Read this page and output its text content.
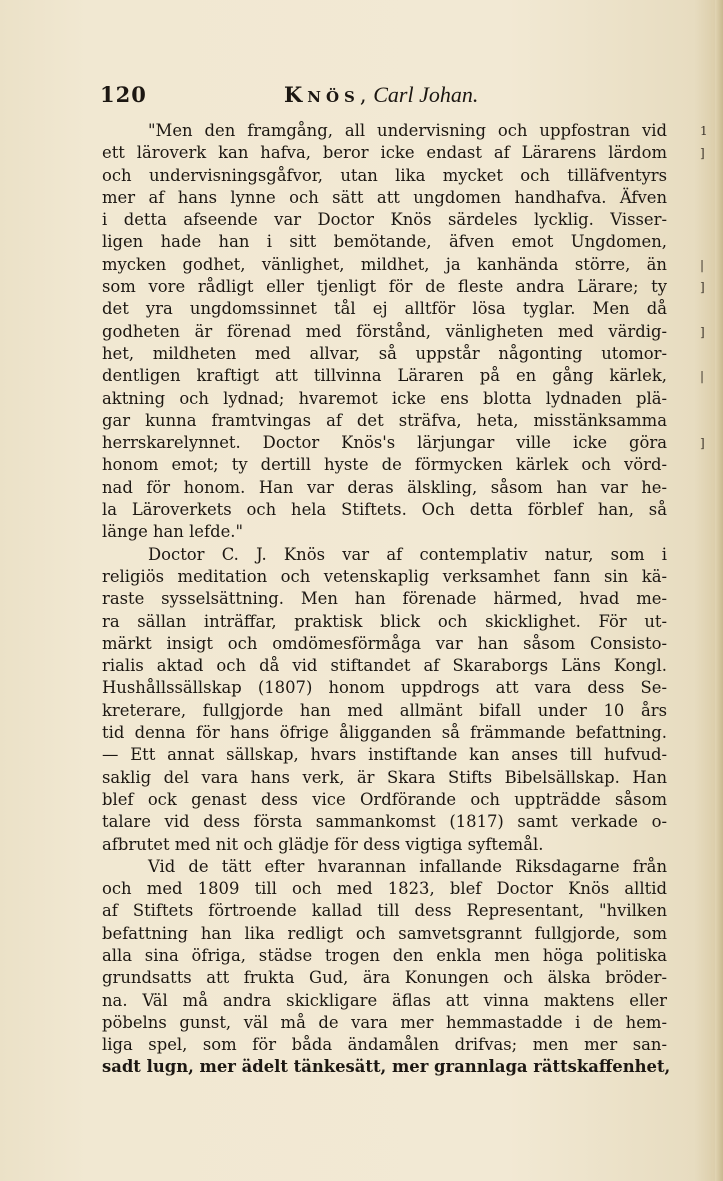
120	Knös, Carl Johan.
"Men den framgång, all undervisning och uppfostran vid
ett läroverk kan hafva, beror icke endast af Lärarens lärdom
och undervisningsgåfvor, utan lika mycket och tilläfventyrs
mer af hans lynne och sätt att ungdomen handhafva. Äfven
i detta afseende var Doctor Knös särdeles lycklig. Visser-
ligen hade han i sitt bemötande, äfven emot Ungdomen,
mycken godhet, vänlighet, mildhet, ja kanhända större, än
som vore rådligt eller tjenligt för de fleste andra Lärare; ty
det yra ungdomssinnet tål ej alltför lösa tyglar. Men då
godheten är förenad med förstånd, vänligheten med värdig-
het, mildheten med allvar, så uppstår någonting utomor-
dentligen kraftigt att tillvinna Läraren på en gång kärlek,
aktning och lydnad; hvaremot icke ens blotta lydnaden plä-
gar kunna framtvingas af det sträfva, heta, misstänksamma
herrskarelynnet. Doctor Knös's lärjungar ville icke göra
honom emot; ty dertill hyste de förmycken kärlek och vörd-
nad för honom. Han var deras älskling, såsom han var he-
la Läroverkets och hela Stiftets. Och detta förblef han, så
länge han lefde."
Doctor C. J. Knös var af contemplativ natur, som i
religiös meditation och vetenskaplig verksamhet fann sin kä-
raste sysselsättning. Men han förenade härmed, hvad me-
ra sällan inträffar, praktisk blick och skicklighet. För ut-
märkt insigt och omdömesförmåga var han såsom Consisto-
rialis aktad och då vid stiftandet af Skaraborgs Läns Kongl.
Hushållssällskap (1807) honom uppdrogs att vara dess Se-
kreterare, fullgjorde han med allmänt bifall under 10 års
tid denna för hans öfrige åligganden så främmande befattning.
— Ett annat sällskap, hvars instiftande kan anses till hufvud-
saklig del vara hans verk, är Skara Stifts Bibelsällskap. Han
blef ock genast dess vice Ordförande och uppträdde såsom
talare vid dess första sammankomst (1817) samt verkade o-
afbrutet med nit och glädje för dess vigtiga syftemål.
Vid de tätt efter hvarannan infallande Riksdagarne från
och med 1809 till och med 1823, blef Doctor Knös alltid
af Stiftets förtroende kallad till dess Representant, "hvilken
befattning han lika redligt och samvetsgrannt fullgjorde, som
alla sina öfriga, städse trogen den enkla men höga politiska
grundsatts att frukta Gud, ära Konungen och älska bröder-
na. Väl må andra skickligare äflas att vinna maktens eller
pöbelns gunst, väl må de vara mer hemmastadde i de hem-
liga spel, som för båda ändamålen drifvas; men mer san-
sadt lugn, mer ädelt tänkesätt, mer grannlaga rättskaffenhet,
1
]
|
]
]
|
]
